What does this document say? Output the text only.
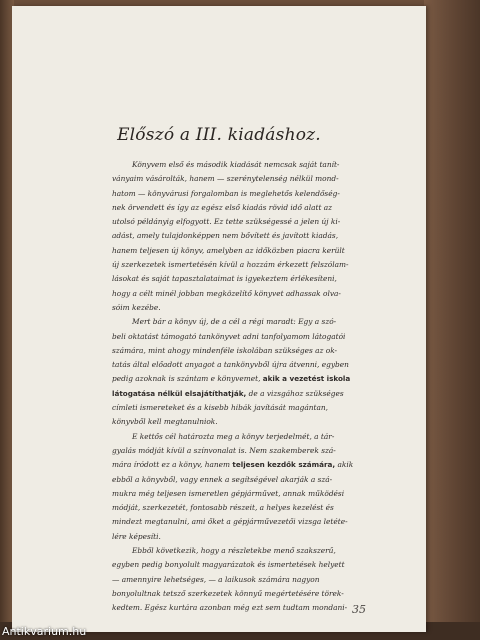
Előszó a III. kiadáshoz.
Könyvem első és második kiadását nemcsak saját tanít-
ványaim vásárolták, hanem — szerénytelenség nélkül mond-
hatom — könyvárusi forgalomban is meglehetős kelendőség-
nek örvendett és így az egész első kiadás rövid idő alatt az
utolsó példányig elfogyott. Ez tette szükségessé a jelen új ki-
adást, amely tulajdonképpen nem bővített és javított kiadás,
hanem teljesen új könyv, amelyben az időközben piacra került
új szerkezetek ismertetésén kívül a hozzám érkezett felszólam-
lásokat és saját tapasztalataimat is igyekeztem érlékesíteni,
hogy a célt minél jobban megközelítő könyvet adhassak olva-
sóim kezébe.
Mert bár a könyv új, de a cél a régi maradt: Egy a szó-
beli oktatást támogató tankönyvet adni tanfolyamom látogatói
számára, mint ahogy mindenféle iskolában szükséges az ok-
tatás által előadott anyagot a tankönyvből újra átvenni, egyben
pedig azoknak is szántam e könyvemet, akik a vezetést iskola
látogatása nélkül elsajátíthatják, de a vizsgához szükséges
címleti ismereteket és a kisebb hibák javítását magántan,
könyvből kell megtanulniok.
E kettős cél határozta meg a könyv terjedelmét, a tár-
gyalás módját kívül a színvonalat is. Nem szakemberek szá-
mára íródott ez a könyv, hanem teljesen kezdők számára, akik
ebből a könyvből, vagy ennek a segítségével akarják a szá-
mukra még teljesen ismeretlen gépjárművet, annak működési
módját, szerkezetét, fontosabb részeit, a helyes kezelést és
mindezt megtanulni, ami őket a gépjárművezetői vizsga letéte-
lére képesíti.
Ebből következik, hogy a részletekbe menő szakszerű,
egyben pedig bonyolult magyarázatok és ismertetések helyett
— amennyire lehetséges, — a laikusok számára nagyon
bonyolultnak tetsző szerkezetek könnyű megértetésére törek-
kedtem. Egész kurtára azonban még ezt sem tudtam mondani- 35
Antikvarium.hu
